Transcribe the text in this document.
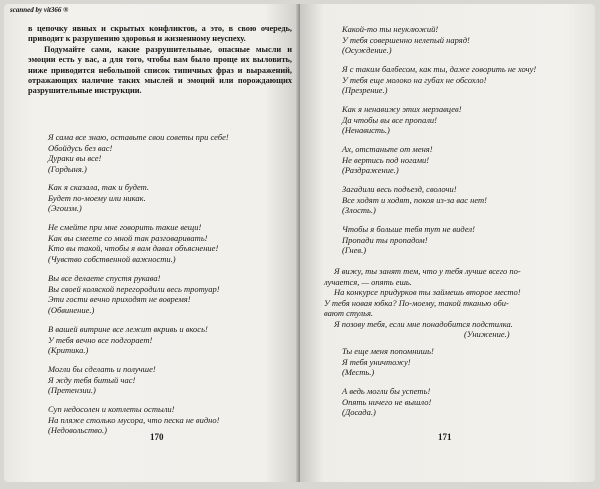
scanned by vit366 ®

в цепочку явных и скрытых конфликтов, а это, в свою очередь, приводит к разрушению здоровья и жизненному неуспеху.

Подумайте сами, какие разрушительные, опасные мысли и эмоции есть у вас, а для того, чтобы вам было проще их выловить, ниже приводится небольшой список типичных фраз и выражений, отражающих наличие таких мыслей и эмоций или порождающих разрушительные инструкции.

Я сама все знаю, оставьте свои советы при себе!
Обойдусь без вас!
Дураки вы все!
(Гордыня.)
Как я сказала, так и будет.
Будет по-моему или никак.
(Эгоизм.)
Не смейте при мне говорить такие вещи!
Как вы смеете со мной так разговаривать!
Кто вы такой, чтобы я вам давал объяснение!
(Чувство собственной важности.)
Вы все делаете спустя рукава!
Вы своей коляской перегородили весь тротуар!
Эти гости вечно приходят не вовремя!
(Обвинение.)
В вашей витрине все лежит вкривь и вкось!
У тебя вечно все подгорает!
(Критика.)
Могли бы сделать и получше!
Я жду тебя битый час!
(Претензии.)
Суп недосолен и котлеты остыли!
На пляже столько мусора, что песка не видно!
(Недовольство.)
170
Какой-то ты неуклюжий!
У тебя совершенно нелепый наряд!
(Осуждение.)
Я с таким балбесом, как ты, даже говорить не хочу!
У тебя еще молоко на губах не обсохло!
(Презрение.)
Как я ненавижу этих мерзавцев!
Да чтобы вы все пропали!
(Ненависть.)
Ах, отстаньте от меня!
Не вертись под ногами!
(Раздражение.)
Загадили весь подъезд, сволочи!
Все ходят и ходят, покоя из-за вас нет!
(Злость.)
Чтобы я больше тебя тут не видел!
Пропади ты пропадом!
(Гнев.)
Я вижу, ты занят тем, что у тебя лучше всего по-
лучается, — опять ешь.
На конкурсе придурков ты займешь второе место!
У тебя новая юбка? По-моему, такой тканью оби-
вают стулья.
Я позову тебя, если мне понадобится подстилка.
(Унижение.)
Ты еще меня попомнишь!
Я тебя уничтожу!
(Месть.)
А ведь могли бы успеть!
Опять ничего не вышло!
(Досада.)
171
